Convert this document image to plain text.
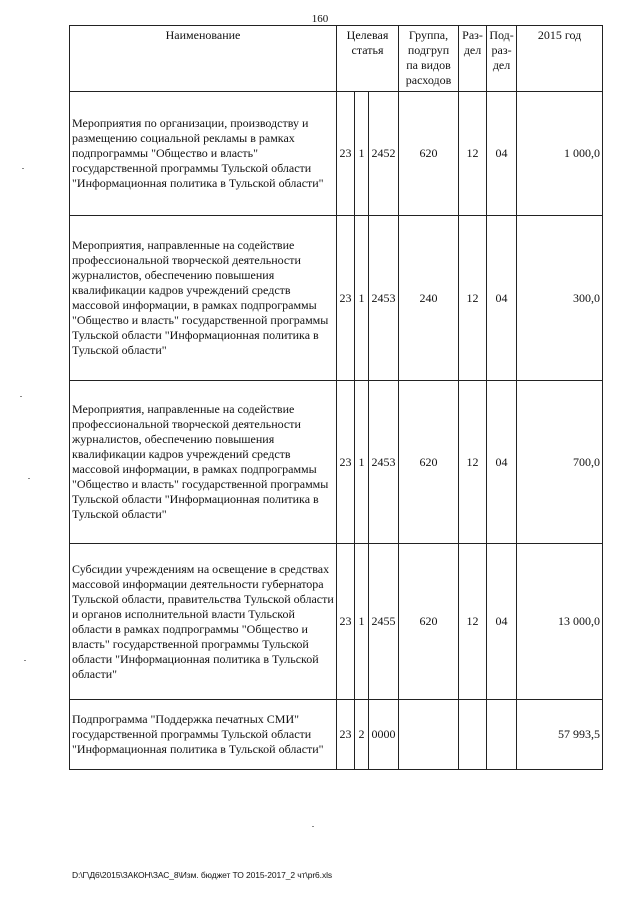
160
Наименование	Целевая статья			Группа, подгруп па видов расходов	Раз- дел	Под- раз- дел	2015 год
Мероприятия по организации, производству и размещению социальной рекламы в рамках подпрограммы "Общество и власть" государственной программы Тульской области "Информационная политика в Тульской области"	23	1	2452	620	12	04	1 000,0
Мероприятия, направленные на содействие профессиональной творческой деятельности журналистов, обеспечению повышения квалификации кадров учреждений средств массовой информации, в рамках подпрограммы "Общество и власть" государственной программы Тульской области "Информационная политика в Тульской области"	23	1	2453	240	12	04	300,0
Мероприятия, направленные на содействие профессиональной творческой деятельности журналистов, обеспечению повышения квалификации кадров учреждений средств массовой информации, в рамках подпрограммы "Общество и власть" государственной программы Тульской области "Информационная политика в Тульской области"	23	1	2453	620	12	04	700,0
Субсидии учреждениям на освещение в средствах массовой информации деятельности губернатора Тульской области, правительства Тульской области и органов исполнительной власти Тульской области в рамках подпрограммы "Общество и власть" государственной программы Тульской области "Информационная политика в Тульской области"	23	1	2455	620	12	04	13 000,0
Подпрограмма "Поддержка печатных СМИ" государственной программы Тульской области "Информационная политика в Тульской области"	23	2	0000				57 993,5
D:\Г\Д6\2015\ЗАКОН\ЗАС_8\Изм. бюджет ТО 2015-2017_2 чт\pr6.xls
